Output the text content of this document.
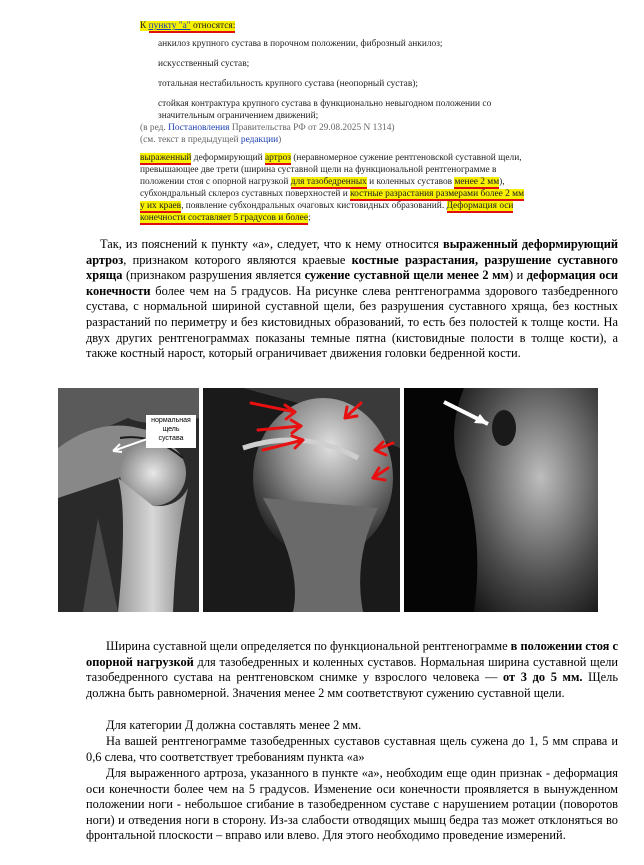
К пункту "а" относятся:

анкилоз крупного сустава в порочном положении, фиброзный анкилоз;

искусственный сустав;

тотальная нестабильность крупного сустава (неопорный сустав);

стойкая контрактура крупного сустава в функционально невыгодном положении со значительным ограничением движений;

(в ред. Постановления Правительства РФ от 29.08.2025 N 1314)

(см. текст в предыдущей редакции)

выраженный деформирующий артроз (неравномерное сужение рентгеновской суставной щели, превышающее две трети (ширина суставной щели на функциональной рентгенограмме в положении стоя с опорной нагрузкой для тазобедренных и коленных суставов менее 2 мм), субхондральный склероз суставных поверхностей и костные разрастания размерами более 2 мм у их краев, появление субхондральных очаговых кистовидных образований. Деформация оси конечности составляет 5 градусов и более;

Так, из пояснений к пункту «а», следует, что к нему относится выраженный деформирующий артроз, признаком которого являются краевые костные разрастания, разрушение суставного хряща (признаком разрушения является сужение суставной щели менее 2 мм) и деформация оси конечности более чем на 5 градусов. На рисунке слева рентгенограмма здорового тазбедренного сустава, с нормальной шириной суставной щели, без разрушения суставного хряща, без костных разрастаний по периметру и без кистовидных образований, то есть без полостей к толще кости. На двух других рентгенограммах показаны темные пятна (кистовидные полости в толще кости), а также костный нарост, который ограничивает движения головки бедренной кости.

нормальная
щель
сустава

Ширина суставной щели определяется по функциональной рентгенограмме в положении стоя с опорной нагрузкой для тазобедренных и коленных суставов. Нормальная ширина суставной щели тазобедренного сустава на рентгеновском снимке у взрослого человека — от 3 до 5 мм. Щель должна быть равномерной. Значения менее 2 мм соответствуют сужению суставной щели.

Для категории Д должна составлять менее 2 мм.

На вашей рентгенограмме тазобедренных суставов суставная щель сужена до 1, 5 мм справа и 0,6 слева, что соответствует требованиям пункта «а»

Для выраженного артроза, указанного в пункте «а», необходим еще один признак - деформация оси конечности более чем на 5 градусов. Изменение оси конечности проявляется в вынужденном положении ноги - небольшое сгибание в тазобедренном суставе с нарушением ротации (поворотов ноги) и отведения ноги в сторону. Из-за слабости отводящих мышц бедра таз может отклоняться во фронтальной плоскости – вправо или влево. Для этого необходимо проведение измерений.
